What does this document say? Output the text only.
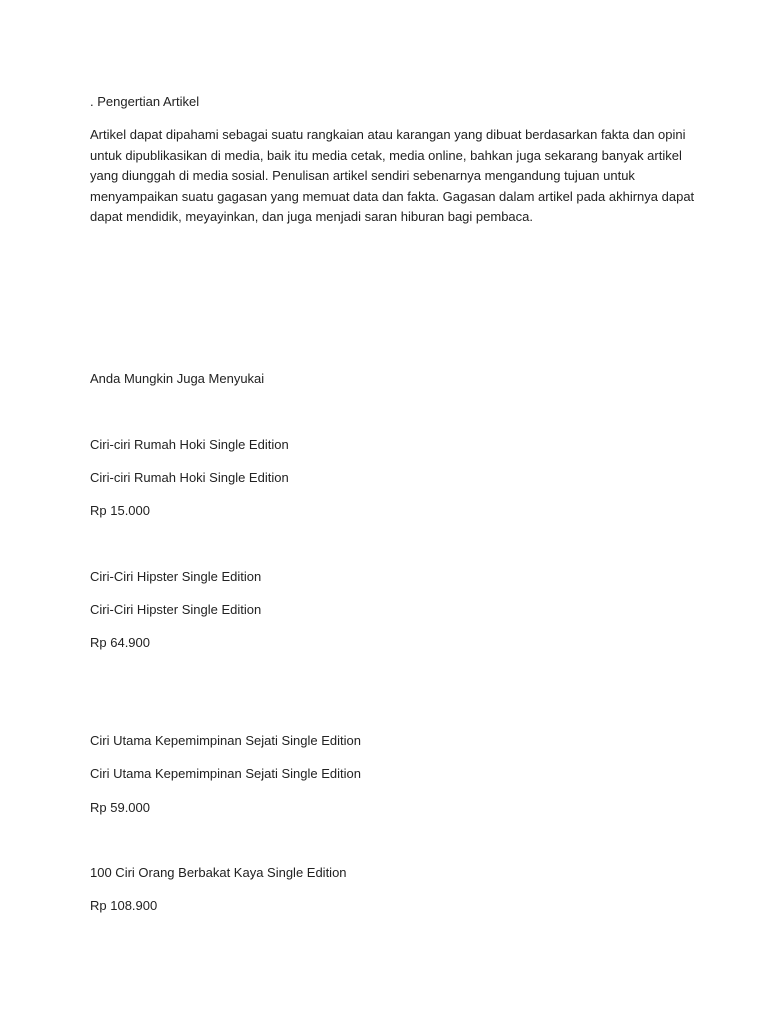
. Pengertian Artikel
Artikel dapat dipahami sebagai suatu rangkaian atau karangan yang dibuat berdasarkan fakta dan opini
untuk dipublikasikan di media, baik itu media cetak, media online, bahkan juga sekarang banyak artikel
yang diunggah di media sosial. Penulisan artikel sendiri sebenarnya mengandung tujuan untuk
menyampaikan suatu gagasan yang memuat data dan fakta. Gagasan dalam artikel pada akhirnya dapat
dapat mendidik, meyayinkan, dan juga menjadi saran hiburan bagi pembaca.
Anda Mungkin Juga Menyukai
Ciri-ciri Rumah Hoki Single Edition
Ciri-ciri Rumah Hoki Single Edition
Rp 15.000
Ciri-Ciri Hipster Single Edition
Ciri-Ciri Hipster Single Edition
Rp 64.900
Ciri Utama Kepemimpinan Sejati Single Edition
Ciri Utama Kepemimpinan Sejati Single Edition
Rp 59.000
100 Ciri Orang Berbakat Kaya Single Edition
Rp 108.900
